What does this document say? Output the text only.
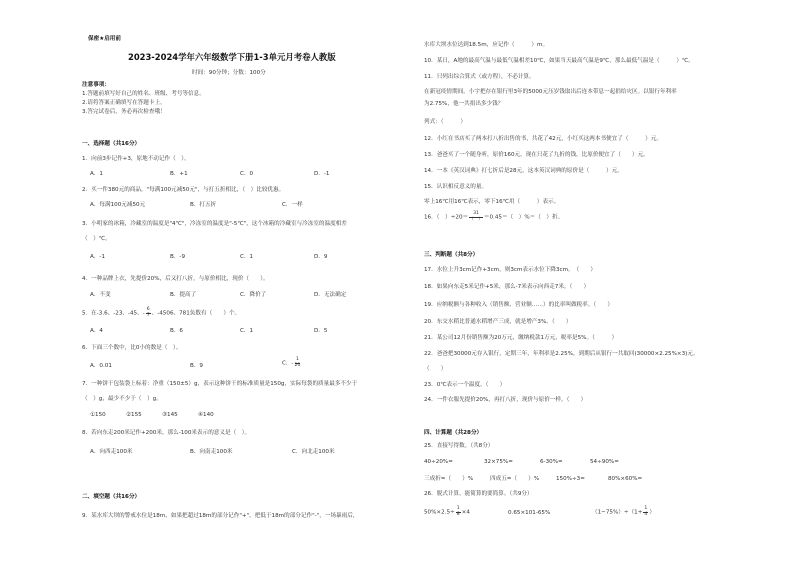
保密★启用前
2023-2024学年六年级数学下册1-3单元月考卷人教版
时间：90分钟；分数：100分
注意事项：
1.答题前填写好自己的姓名、班级、考号等信息。
2.请将答案正确填写在答题卡上。
3.答完试卷后，务必再次检查哦！
一、选择题（共16分）
1．向前3步记作+3，原地不动记作（　）。
A．1	B．+1	C．0	D．-1
2．买一件380元的商品，"每满100元减50元"，与打五折相比，（　）比较优惠。
A．每满100元减50元	B．打五折	C．一样
3．小明家的冰箱，冷藏室的温度是"4℃"，冷冻室的温度是"-5℃"，这个冰箱的冷藏室与冷冻室的温度相差
（　）℃。
A．-1	B．-9	C．1	D．9
4．一种品牌上衣，先提价20%，后又打八折，与原价相比，现价（　　）。
A．不变	B．提高了	C．降价了	D．无法确定
5．在-3.6、-23、-45、- $\frac{6}{7}$ 、-4506、781负数有（　　）个。
A．4	B．6	C．1	D．5
6．下面三个数中，比0小的数是（　）。
A．0.01	B．9	C．- $\frac{1}{20}$
7．一种饼干包装袋上标着：净重（150±5）g，表示这种饼干的标准质量是150g，实际每袋的质量最多不少于
（　）g，最少不少于（　）g。
①150	②155	③145	④140
8．若向东走200米记作+200米，那么-100米表示的意义是（　）。
A．向西走100米	B．向南走100米	C．向北走100米
二、填空题（共16分）
9．某水库大坝的警戒水位是18m，如果把超过18m的部分记作"+"，把低于18m的部分记作"-"，一场暴雨后，
水库大坝水位达到18.5m，应记作（　　　）m。
10．某日，A地的最高气温与最低气温相差10℃，如果当天最高气温是9℃，那么最低气温是（　　　）℃。
11．只列出综合算式（或方程），不必计算。
在新冠疫情期间，小宇把存在银行里3年的5000元压岁钱取出后连本带息一起捐给灾区。以银行年利率
为2.75%，他一共捐出多少钱？
列式：（　　　）
12．小红在书店买了两本打八折出售的书，共花了42元，小红买这两本书便宜了（　　　）元。
13．爸爸买了一个随身听，原价160元，现在只花了九折的钱，比原价便宜了（　　）元。
14．一本《英汉词典》打七折后是28元，这本英汉词典的原价是（　　　）元。
15．认识相反意义的量。
零上16℃用16℃表示，零下16℃用（　　　）表示。
16．（　）$\div 20= \frac{31}{( )} =0.45=$（　）%＝（　）折。
三、判断题（共8分）
17．水位上升3cm记作+3cm，则3cm表示水位下降3cm。　（　　）
18．如果向东走5米记作+5米，那么-7米表示向西走7米。（　　）
19．应纳税额与各种收入（销售额、营业额……）的比率叫做税率。（　　）
20．东交水稻比普通水稻增产三成，就是增产3%。（　　）
21．某公司12月份销售额为20万元，缴纳税款1万元，税率是5%。（　　　）
22．爸爸把30000元存入银行，定期三年，年利率是2.25%，到期后从银行一共取回(30000×2.25%×3)元。
（　　）
23．0℃表示一个温度。（　　）
24．一件衣服先提价20%，再打八折，现价与原价一样。（　　）
四、计算题（共28分）
25．直接写得数。（共8分）
40÷20%=	32×75%=	6-30%=	54÷90%=
三成折=（　　）%	四成五=（　　）%	150%÷3=	80%×60%=
26．脱式计算，能简算的要简算。（共9分）
$50\%\times 2.5\div \frac{1}{8} \times 4$	0.65×101-65%	$(1-75\%)\div(1+ \frac{1}{4}$ ）
